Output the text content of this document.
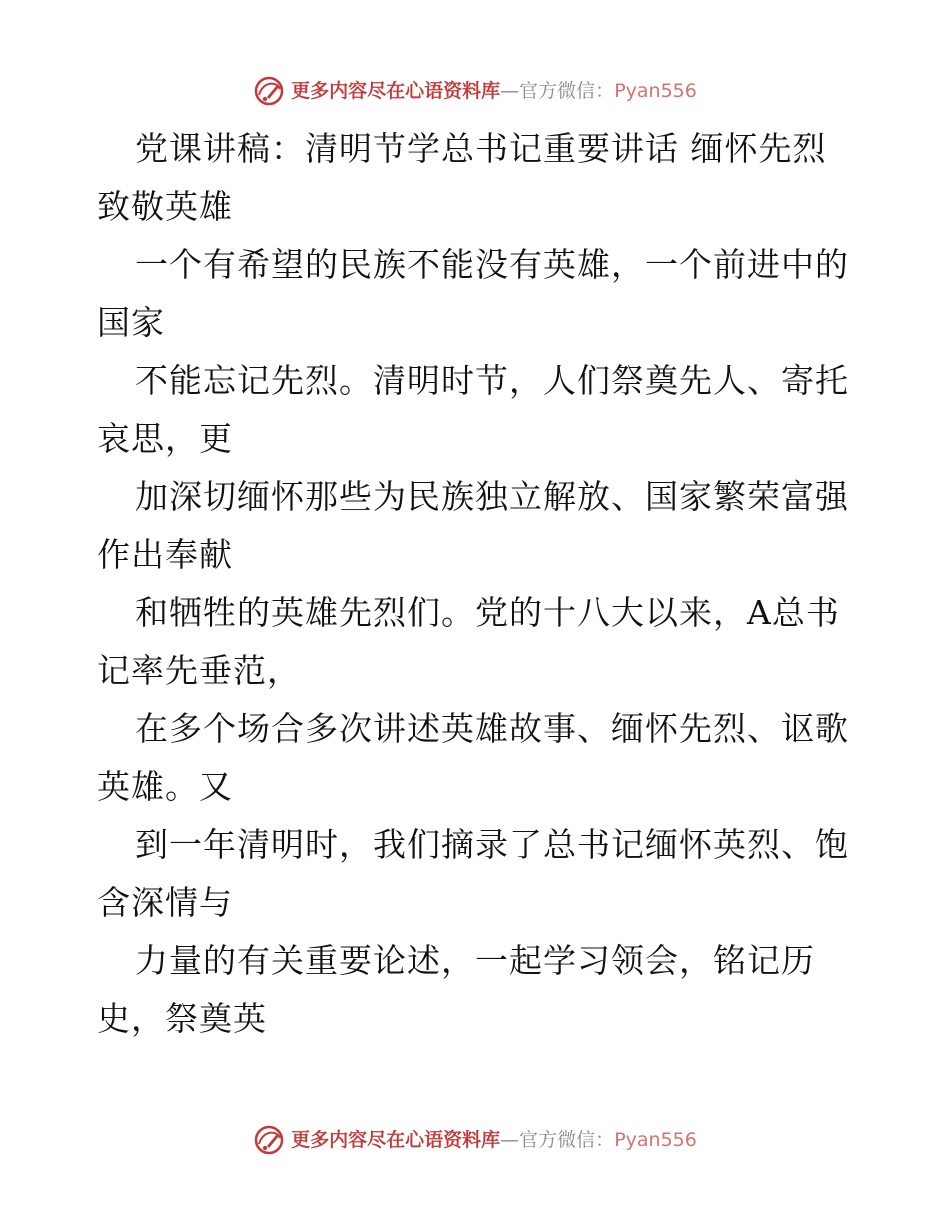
更多内容尽在心语资料库—官方微信：Pyan556

党课讲稿：清明节学总书记重要讲话 缅怀先烈致敬英雄

一个有希望的民族不能没有英雄，一个前进中的国家

不能忘记先烈。清明时节，人们祭奠先人、寄托哀思，更

加深切缅怀那些为民族独立解放、国家繁荣富强作出奉献

和牺牲的英雄先烈们。党的十八大以来，A总书记率先垂范，

在多个场合多次讲述英雄故事、缅怀先烈、讴歌英雄。又

到一年清明时，我们摘录了总书记缅怀英烈、饱含深情与

力量的有关重要论述，一起学习领会，铭记历史，祭奠英

更多内容尽在心语资料库—官方微信：Pyan556
